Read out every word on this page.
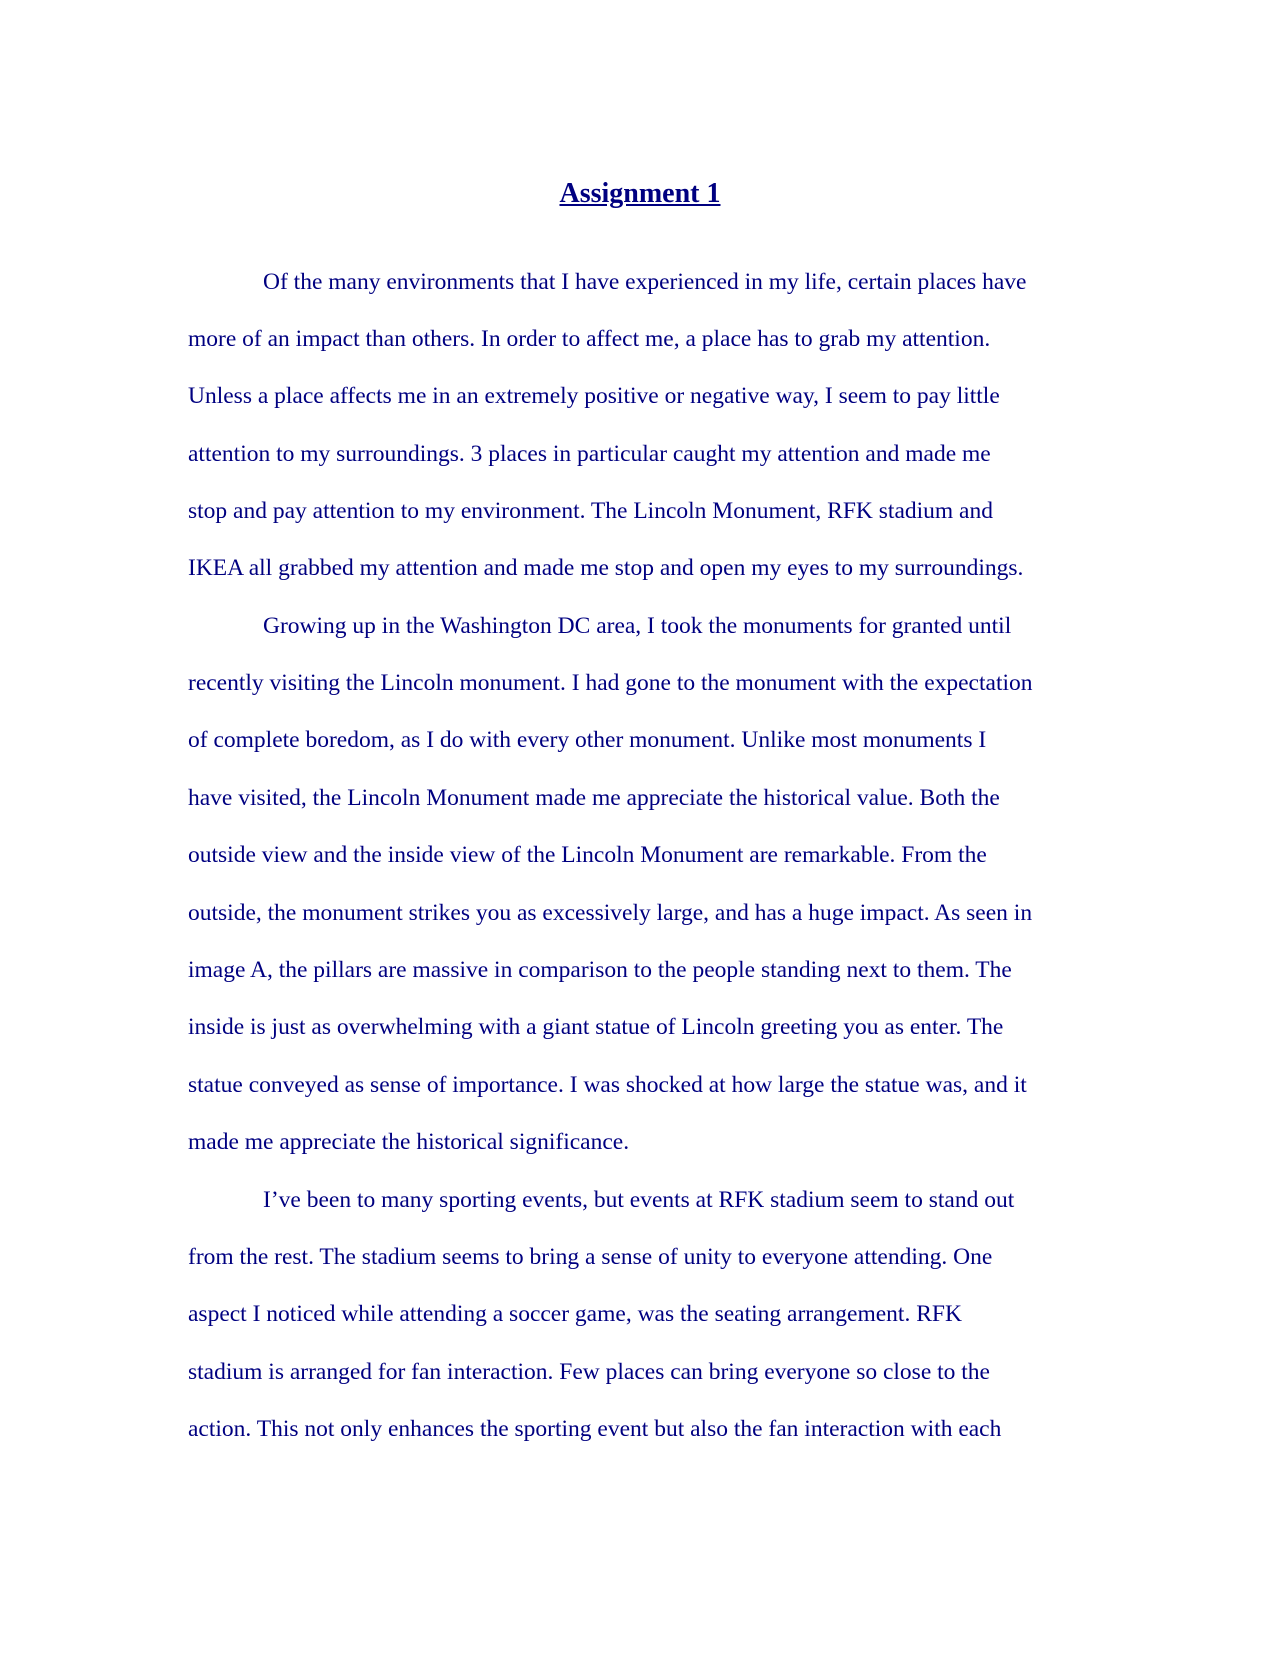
Assignment 1

Of the many environments that I have experienced in my life, certain places have

more of an impact than others. In order to affect me, a place has to grab my attention.

Unless a place affects me in an extremely positive or negative way, I seem to pay little

attention to my surroundings. 3 places in particular caught my attention and made me

stop and pay attention to my environment. The Lincoln Monument, RFK stadium and

IKEA all grabbed my attention and made me stop and open my eyes to my surroundings.

Growing up in the Washington DC area, I took the monuments for granted until

recently visiting the Lincoln monument. I had gone to the monument with the expectation

of complete boredom, as I do with every other monument. Unlike most monuments I

have visited, the Lincoln Monument made me appreciate the historical value. Both the

outside view and the inside view of the Lincoln Monument are remarkable. From the

outside, the monument strikes you as excessively large, and has a huge impact. As seen in

image A, the pillars are massive in comparison to the people standing next to them. The

inside is just as overwhelming with a giant statue of Lincoln greeting you as enter. The

statue conveyed as sense of importance. I was shocked at how large the statue was, and it

made me appreciate the historical significance.

I’ve been to many sporting events, but events at RFK stadium seem to stand out

from the rest. The stadium seems to bring a sense of unity to everyone attending. One

aspect I noticed while attending a soccer game, was the seating arrangement. RFK

stadium is arranged for fan interaction. Few places can bring everyone so close to the

action. This not only enhances the sporting event but also the fan interaction with each
